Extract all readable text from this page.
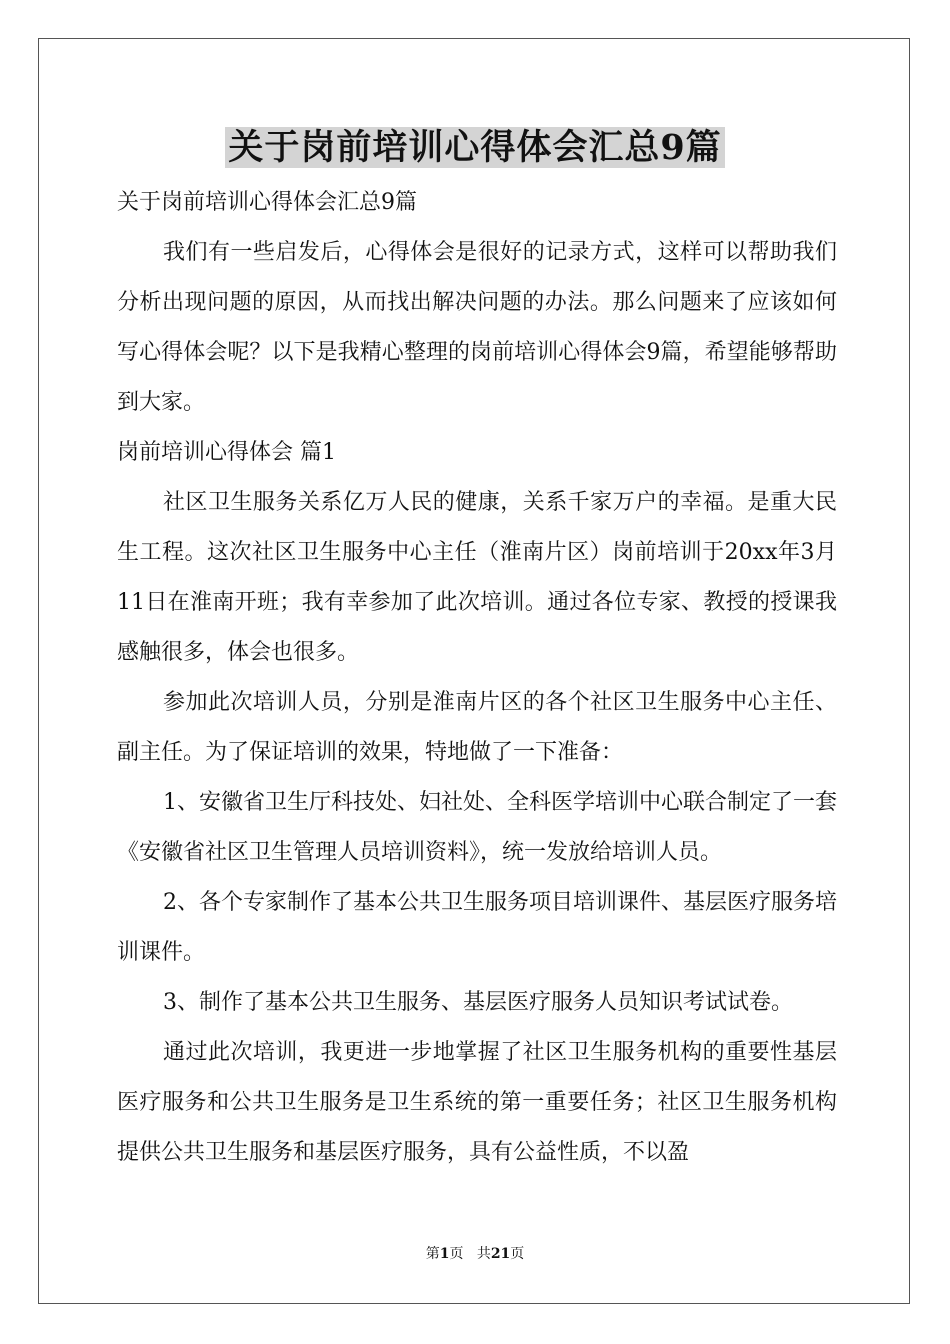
关于岗前培训心得体会汇总9篇

关于岗前培训心得体会汇总9篇

我们有一些启发后，心得体会是很好的记录方式，这样可以帮助我们分析出现问题的原因，从而找出解决问题的办法。那么问题来了应该如何写心得体会呢？以下是我精心整理的岗前培训心得体会9篇，希望能够帮助到大家。

岗前培训心得体会 篇1

社区卫生服务关系亿万人民的健康，关系千家万户的幸福。是重大民生工程。这次社区卫生服务中心主任（淮南片区）岗前培训于20xx年3月11日在淮南开班；我有幸参加了此次培训。通过各位专家、教授的授课我感触很多，体会也很多。

参加此次培训人员，分别是淮南片区的各个社区卫生服务中心主任、副主任。为了保证培训的效果，特地做了一下准备：

1、安徽省卫生厅科技处、妇社处、全科医学培训中心联合制定了一套《安徽省社区卫生管理人员培训资料》，统一发放给培训人员。

2、各个专家制作了基本公共卫生服务项目培训课件、基层医疗服务培训课件。

3、制作了基本公共卫生服务、基层医疗服务人员知识考试试卷。

通过此次培训，我更进一步地掌握了社区卫生服务机构的重要性基层医疗服务和公共卫生服务是卫生系统的第一重要任务；社区卫生服务机构提供公共卫生服务和基层医疗服务，具有公益性质，不以盈

第1页 共21页
